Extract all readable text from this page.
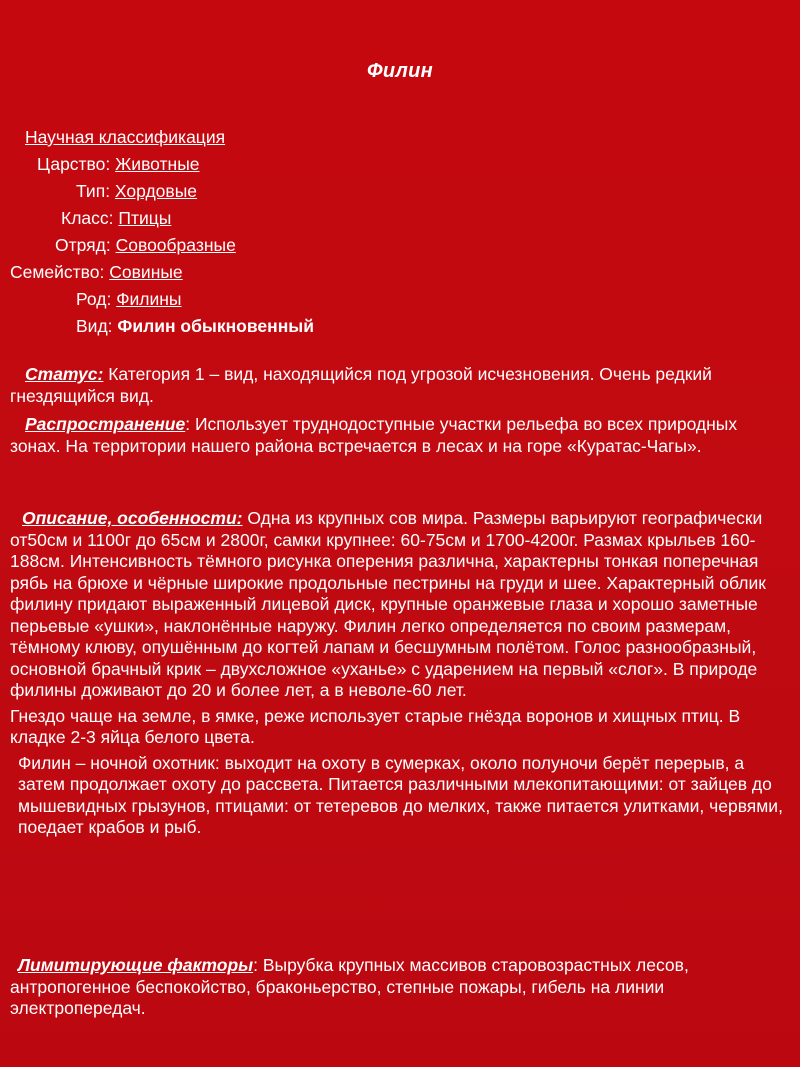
Филин
Научная классификация
Царство: Животные
Тип: Хордовые
Класс: Птицы
Отряд: Совообразные
Семейство: Совиные
Род: Филины
Вид: Филин обыкновенный
Статус: Категория 1 – вид, находящийся под угрозой исчезновения. Очень редкий гнездящийся вид.
Распространение: Использует труднодоступные участки рельефа во всех природных зонах. На территории нашего района встречается в лесах и на горе «Куратас-Чагы».
Описание, особенности: Одна из крупных сов мира. Размеры варьируют географически от50см и 1100г до 65см и 2800г, самки крупнее: 60-75см и 1700-4200г. Размах крыльев 160-188см. Интенсивность тёмного рисунка оперения различна, характерны тонкая поперечная рябь на брюхе и чёрные широкие продольные пестрины на груди и шее. Характерный облик филину придают выраженный лицевой диск, крупные оранжевые глаза и хорошо заметные перьевые «ушки», наклонённые наружу. Филин легко определяется по своим размерам, тёмному клюву, опушённым до когтей лапам и бесшумным полётом. Голос разнообразный, основной брачный крик – двухсложное «уханье» с ударением на первый «слог». В природе филины доживают до 20 и более лет, а в неволе-60 лет.
Гнездо чаще на земле, в ямке, реже использует старые гнёзда воронов и хищных птиц. В кладке 2-3 яйца белого цвета.
Филин – ночной охотник: выходит на охоту в сумерках, около полуночи берёт перерыв, а затем продолжает охоту до рассвета. Питается различными млекопитающими: от зайцев до мышевидных грызунов, птицами: от тетеревов до мелких, также питается улитками, червями, поедает крабов и рыб.
Лимитирующие факторы: Вырубка крупных массивов старовозрастных лесов, антропогенное беспокойство, браконьерство, степные пожары, гибель на линии электропередач.
